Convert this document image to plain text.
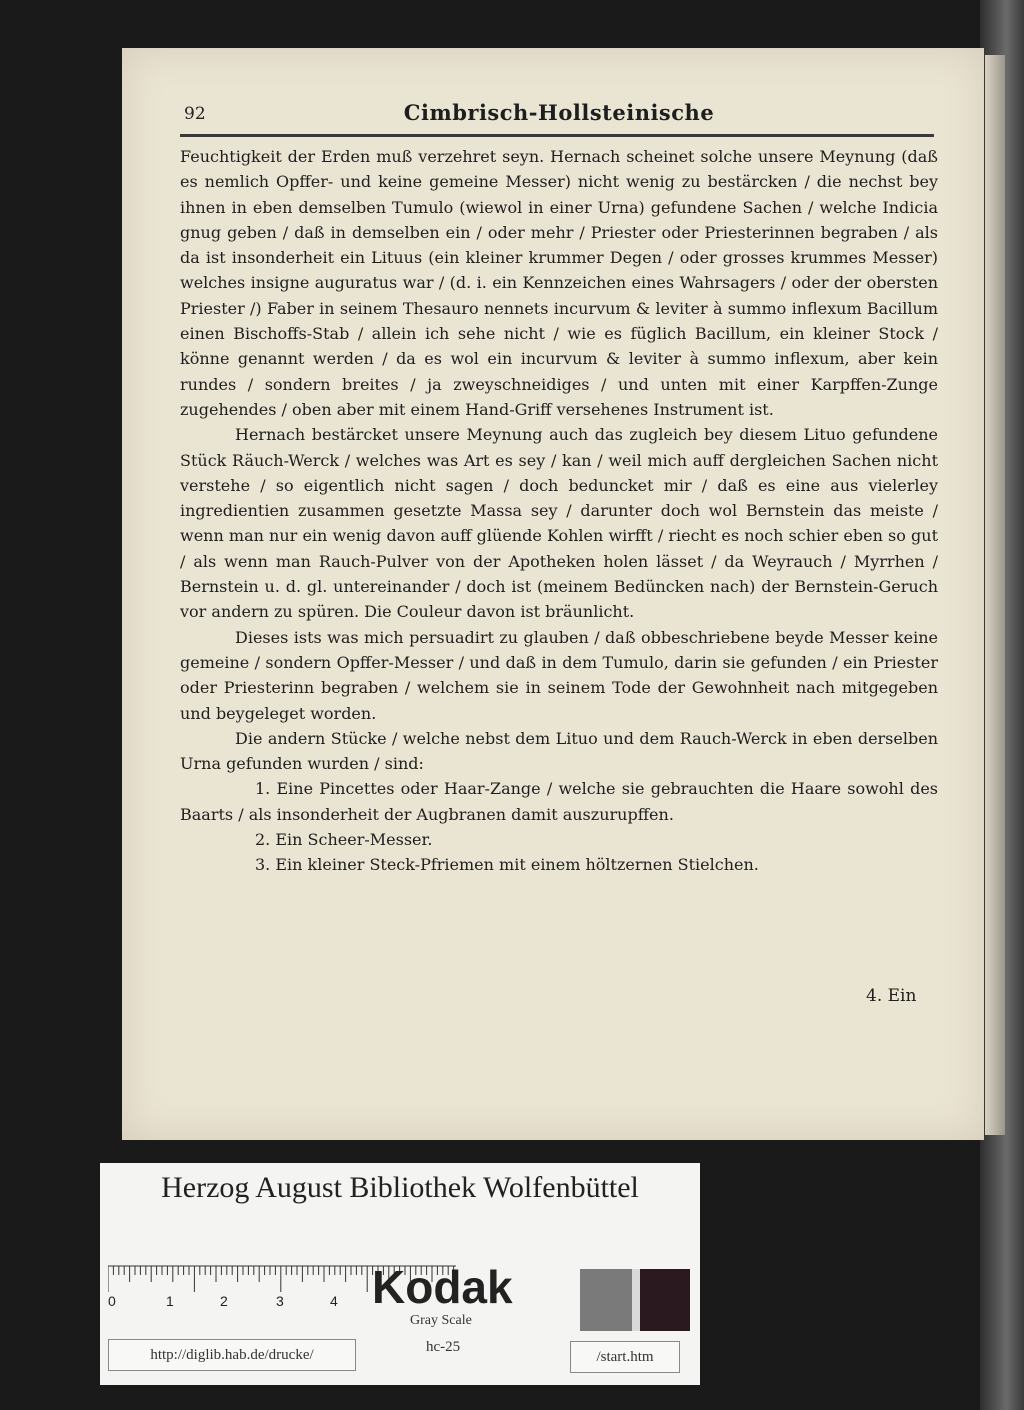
92	Cimbrisch-Hollsteinische

Feuchtigkeit der Erden muß verzehret seyn. Hernach scheinet solche unsere Meynung (daß es nemlich Opffer- und keine gemeine Messer) nicht wenig zu bestärcken / die nechst bey ihnen in eben demselben Tumulo (wiewol in einer Urna) gefundene Sachen / welche Indicia gnug geben / daß in demselben ein / oder mehr / Priester oder Priesterinnen begraben / als da ist insonderheit ein Lituus (ein kleiner krummer Degen / oder grosses krummes Messer) welches insigne auguratus war / (d. i. ein Kennzeichen eines Wahrsagers / oder der obersten Priester /) Faber in seinem Thesauro nennets incurvum & leviter à summo inflexum Bacillum einen Bischoffs-Stab / allein ich sehe nicht / wie es füglich Bacillum, ein kleiner Stock / könne genannt werden / da es wol ein incurvum & leviter à summo inflexum, aber kein rundes / sondern breites / ja zweyschneidiges / und unten mit einer Karpffen-Zunge zugehendes / oben aber mit einem Hand-Griff versehenes Instrument ist.

Hernach bestärcket unsere Meynung auch das zugleich bey diesem Lituo gefundene Stück Räuch-Werck / welches was Art es sey / kan / weil mich auff dergleichen Sachen nicht verstehe / so eigentlich nicht sagen / doch beduncket mir / daß es eine aus vielerley ingredientien zusammen gesetzte Massa sey / darunter doch wol Bernstein das meiste / wenn man nur ein wenig davon auff glüende Kohlen wirfft / riecht es noch schier eben so gut / als wenn man Rauch-Pulver von der Apotheken holen lässet / da Weyrauch / Myrrhen / Bernstein u. d. gl. untereinander / doch ist (meinem Bedüncken nach) der Bernstein-Geruch vor andern zu spüren. Die Couleur davon ist bräunlicht.

Dieses ists was mich persuadirt zu glauben / daß obbeschriebene beyde Messer keine gemeine / sondern Opffer-Messer / und daß in dem Tumulo, darin sie gefunden / ein Priester oder Priesterinn begraben / welchem sie in seinem Tode der Gewohnheit nach mitgegeben und beygeleget worden.

Die andern Stücke / welche nebst dem Lituo und dem Rauch-Werck in eben derselben Urna gefunden wurden / sind:

1. Eine Pincettes oder Haar-Zange / welche sie gebrauchten die Haare sowohl des Baarts / als insonderheit der Augbranen damit auszurupffen.

2. Ein Scheer-Messer.

3. Ein kleiner Steck-Pfriemen mit einem höltzernen Stielchen.

4. Ein
Herzog August Bibliothek Wolfenbüttel
0	1	2	3	4 Kodak
Gray Scale
http://diglib.hab.de/drucke/	hc-25
/start.htm
